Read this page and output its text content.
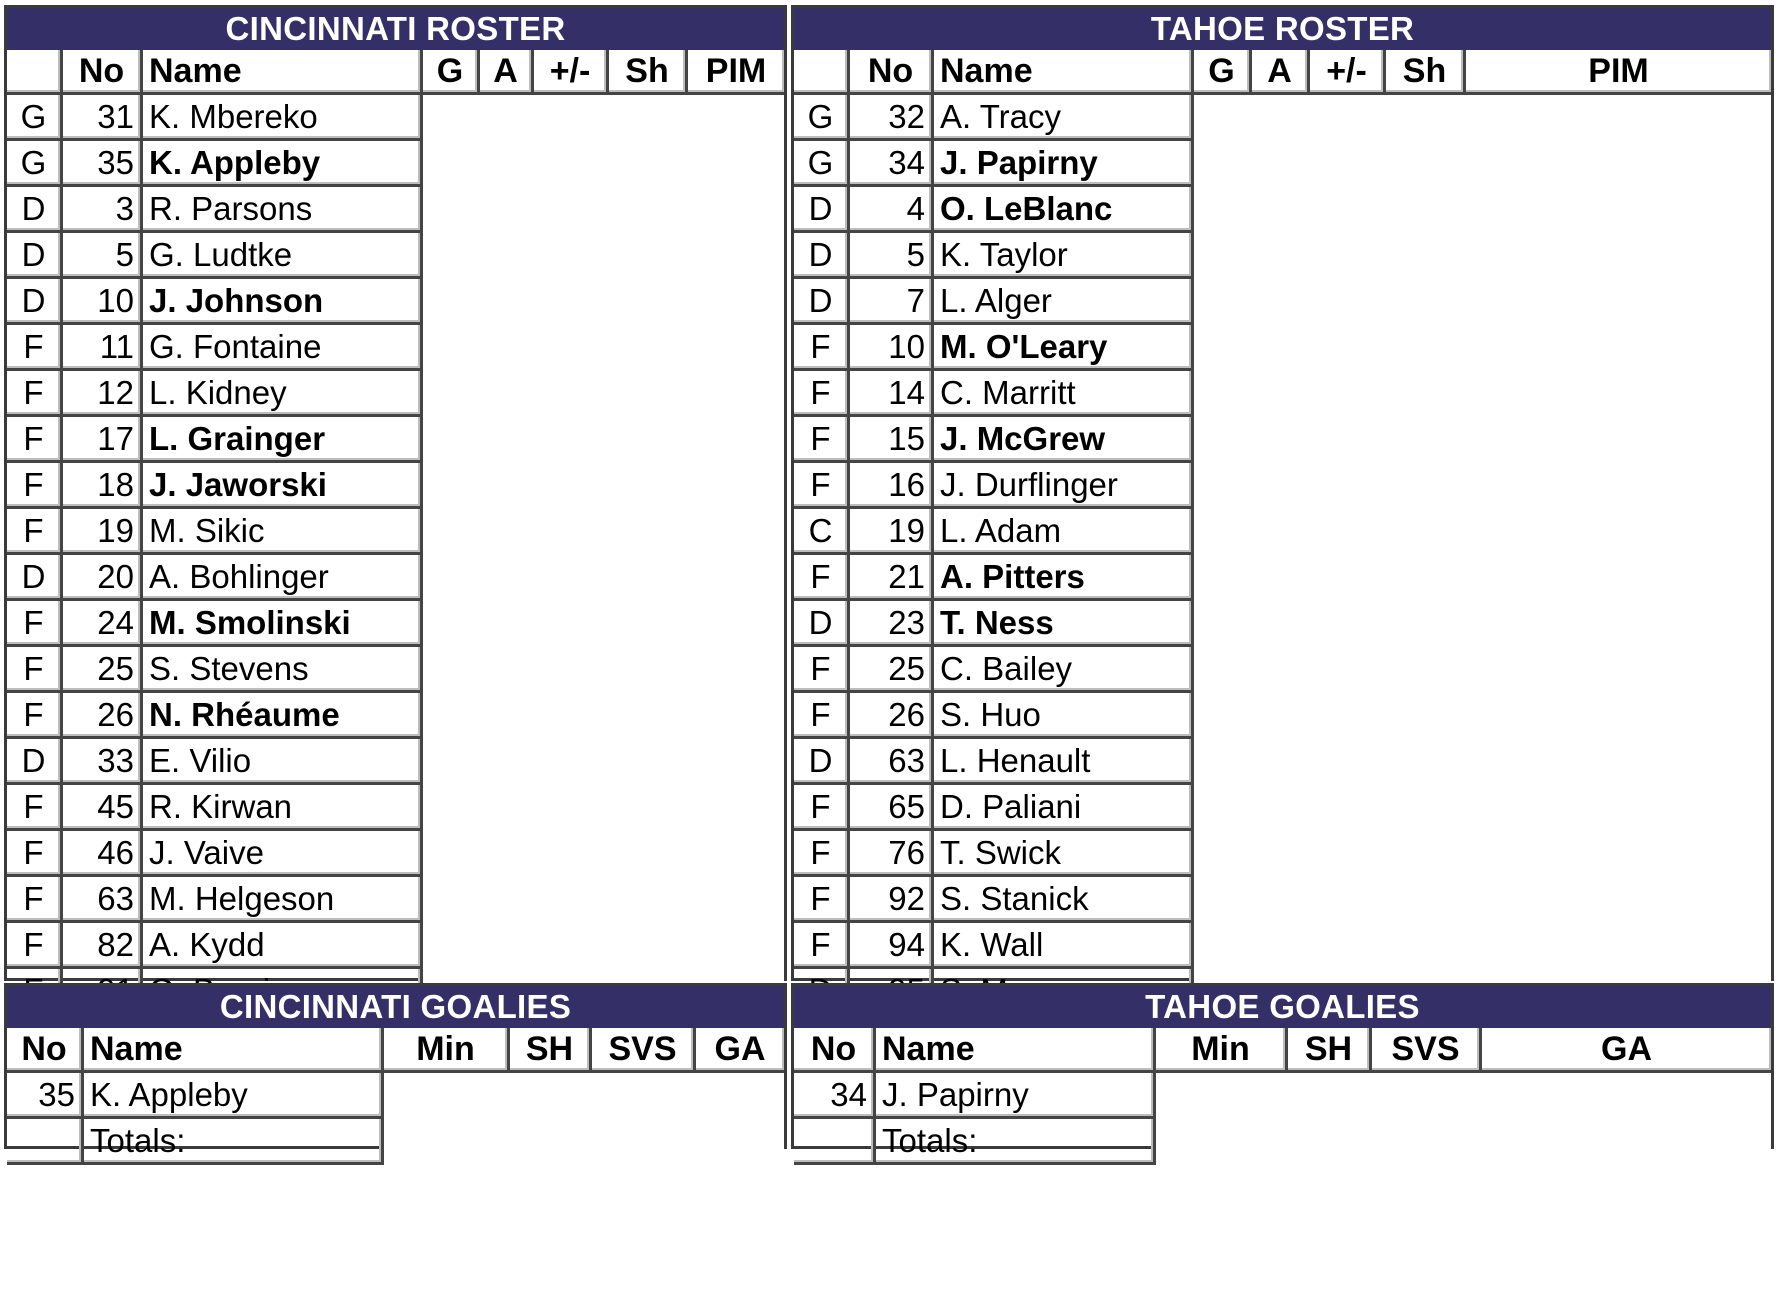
CINCINNATI ROSTER
	No	Name	G	A	+/-	Sh	PIM
G	31	K. Mbereko					
G	35	K. Appleby					
D	3	R. Parsons					
D	5	G. Ludtke					
D	10	J. Johnson					
F	11	G. Fontaine					
F	12	L. Kidney					
F	17	L. Grainger					
F	18	J. Jaworski					
F	19	M. Sikic					
D	20	A. Bohlinger					
F	24	M. Smolinski					
F	25	S. Stevens					
F	26	N. Rhéaume					
D	33	E. Vilio					
F	45	R. Kirwan					
F	46	J. Vaive					
F	63	M. Helgeson					
F	82	A. Kydd					

TAHOE ROSTER
	No	Name	G	A	+/-	Sh	PIM
G	32	A. Tracy					
G	34	J. Papirny					
D	4	O. LeBlanc					
D	5	K. Taylor					
D	7	L. Alger					
F	10	M. O'Leary					
F	14	C. Marritt					
F	15	J. McGrew					
F	16	J. Durflinger					
C	19	L. Adam					
F	21	A. Pitters					
D	23	T. Ness					
F	25	C. Bailey					
F	26	S. Huo					
D	63	L. Henault					
F	65	D. Paliani					
F	76	T. Swick					
F	92	S. Stanick					
F	94	K. Wall					

CINCINNATI GOALIES
No	Name	Min	SH	SVS	GA
35	K. Appleby				
	Totals:				
TAHOE GOALIES
No	Name	Min	SH	SVS	GA
34	J. Papirny				
	Totals:				
